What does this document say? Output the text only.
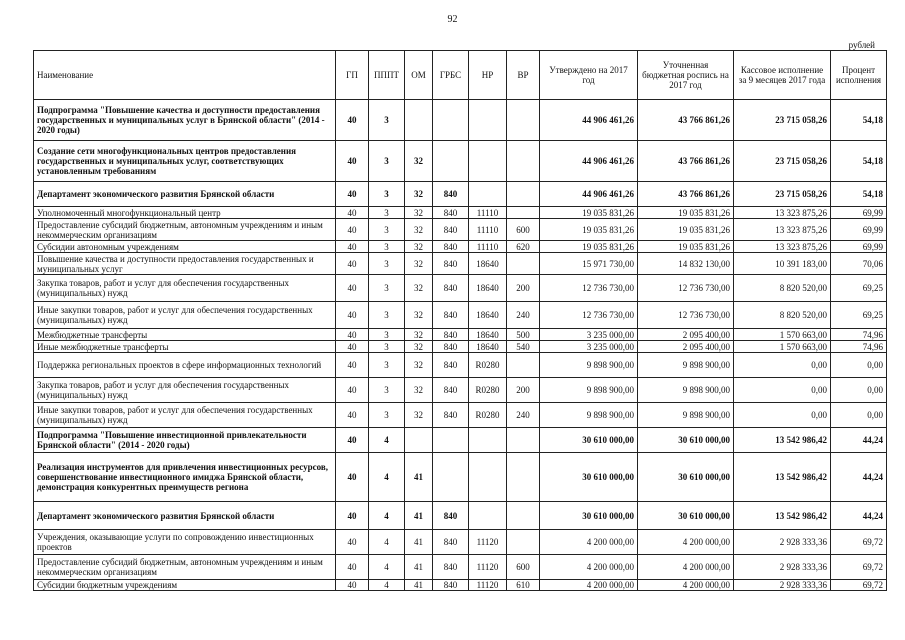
92
рублей
Наименование	ГП	ПППТ	ОМ	ГРБС	НР	ВР	Утверждено на 2017 год	Уточненная бюджетная роспись на 2017 год	Кассовое исполнение за 9 месяцев 2017 года	Процент исполнения
Подпрограмма "Повышение качества и доступности предоставления государственных и муниципальных услуг в Брянской области" (2014 - 2020 годы)	40	3					44 906 461,26	43 766 861,26	23 715 058,26	54,18
Создание сети многофункциональных центров предоставления государственных и муниципальных услуг, соответствующих установленным требованиям	40	3	32				44 906 461,26	43 766 861,26	23 715 058,26	54,18
Департамент экономического развития Брянской области	40	3	32	840			44 906 461,26	43 766 861,26	23 715 058,26	54,18
Уполномоченный многофункциональный центр	40	3	32	840	11110		19 035 831,26	19 035 831,26	13 323 875,26	69,99
Предоставление субсидий бюджетным, автономным учреждениям и иным некоммерческим организациям	40	3	32	840	11110	600	19 035 831,26	19 035 831,26	13 323 875,26	69,99
Субсидии автономным учреждениям	40	3	32	840	11110	620	19 035 831,26	19 035 831,26	13 323 875,26	69,99
Повышение качества и доступности предоставления государственных и муниципальных услуг	40	3	32	840	18640		15 971 730,00	14 832 130,00	10 391 183,00	70,06
Закупка товаров, работ и услуг для обеспечения государственных (муниципальных) нужд	40	3	32	840	18640	200	12 736 730,00	12 736 730,00	8 820 520,00	69,25
Иные закупки товаров, работ и услуг для обеспечения государственных (муниципальных) нужд	40	3	32	840	18640	240	12 736 730,00	12 736 730,00	8 820 520,00	69,25
Межбюджетные трансферты	40	3	32	840	18640	500	3 235 000,00	2 095 400,00	1 570 663,00	74,96
Иные межбюджетные трансферты	40	3	32	840	18640	540	3 235 000,00	2 095 400,00	1 570 663,00	74,96
Поддержка региональных проектов в сфере информационных технологий	40	3	32	840	R0280		9 898 900,00	9 898 900,00	0,00	0,00
Закупка товаров, работ и услуг для обеспечения государственных (муниципальных) нужд	40	3	32	840	R0280	200	9 898 900,00	9 898 900,00	0,00	0,00
Иные закупки товаров, работ и услуг для обеспечения государственных (муниципальных) нужд	40	3	32	840	R0280	240	9 898 900,00	9 898 900,00	0,00	0,00
Подпрограмма "Повышение инвестиционной привлекательности Брянской области" (2014 - 2020 годы)	40	4					30 610 000,00	30 610 000,00	13 542 986,42	44,24
Реализация инструментов для привлечения инвестиционных ресурсов, совершенствование инвестиционного имиджа Брянской области, демонстрация конкурентных преимуществ региона	40	4	41				30 610 000,00	30 610 000,00	13 542 986,42	44,24
Департамент экономического развития Брянской области	40	4	41	840			30 610 000,00	30 610 000,00	13 542 986,42	44,24
Учреждения, оказывающие услуги по сопровождению инвестиционных проектов	40	4	41	840	11120		4 200 000,00	4 200 000,00	2 928 333,36	69,72
Предоставление субсидий бюджетным, автономным учреждениям и иным некоммерческим организациям	40	4	41	840	11120	600	4 200 000,00	4 200 000,00	2 928 333,36	69,72
Субсидии бюджетным учреждениям	40	4	41	840	11120	610	4 200 000,00	4 200 000,00	2 928 333,36	69,72
